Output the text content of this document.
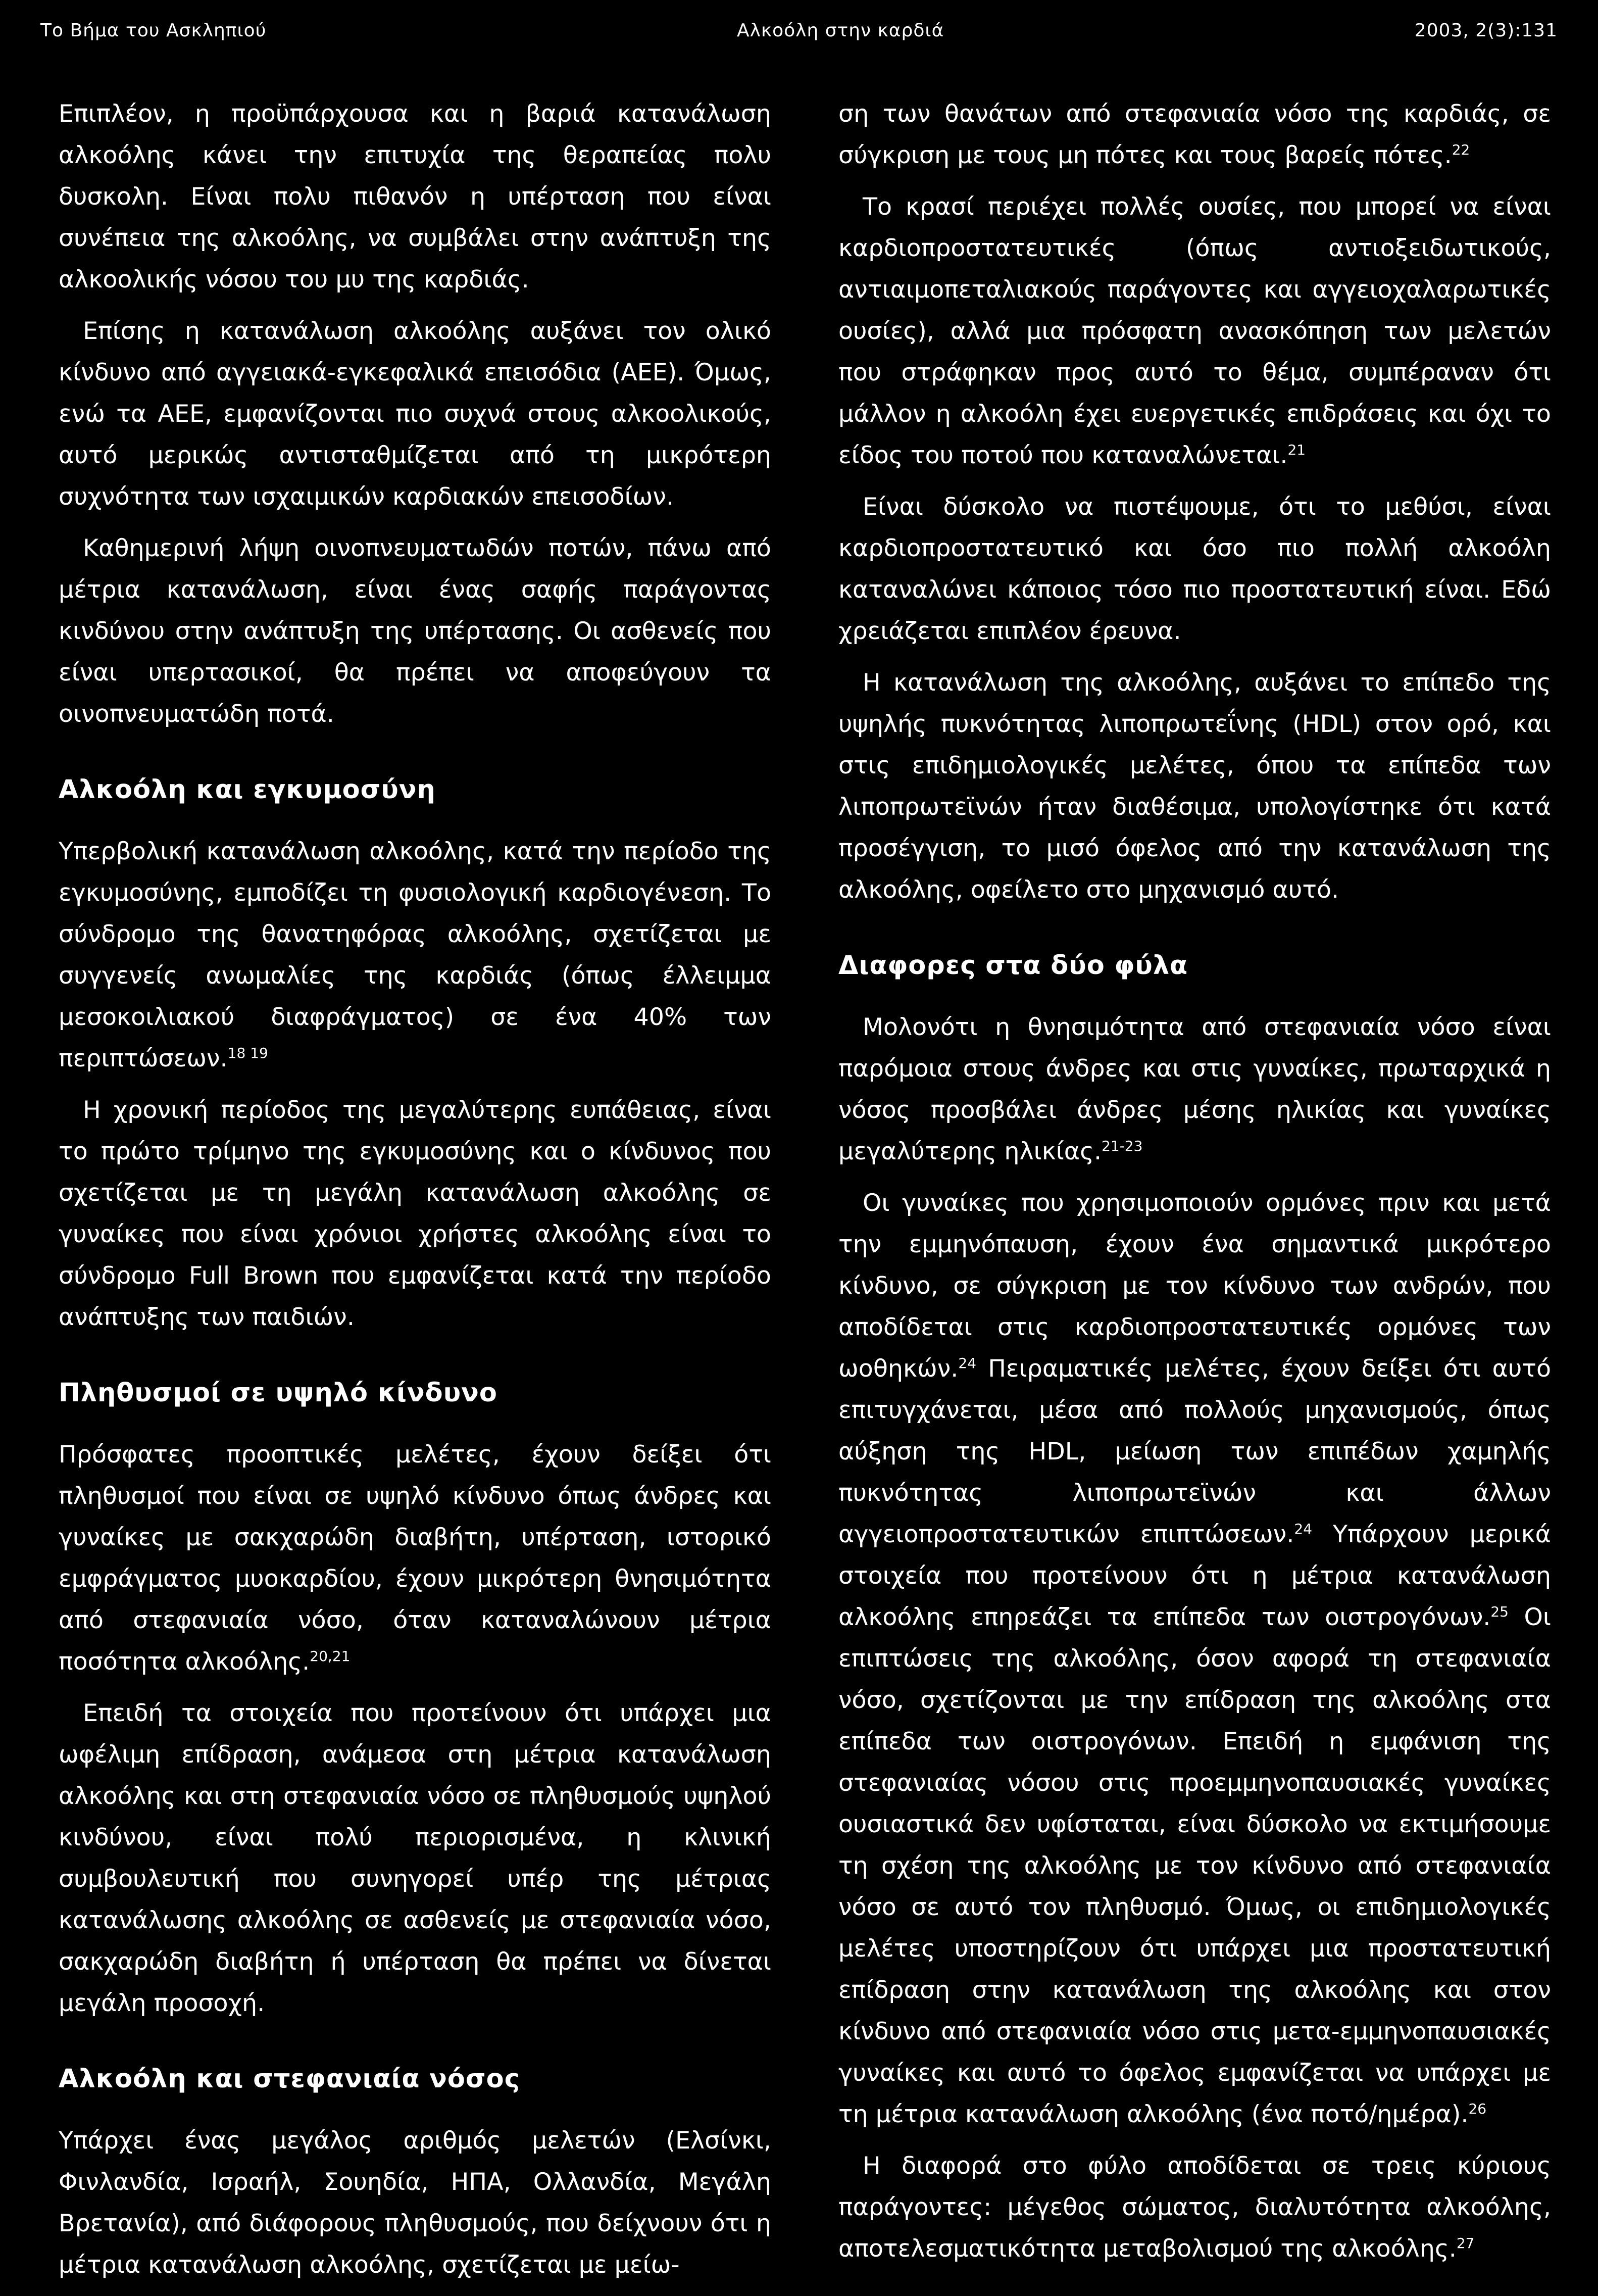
Το Βήμα του Ασκληπιού	Αλκοόλη στην καρδιά	2003, 2(3):131

Επιπλέον, η προϋπάρχουσα και η βαριά κατανάλωση αλκοόλης κάνει την επιτυχία της θεραπείας πολυ δυσκολη. Είναι πολυ πιθανόν η υπέρταση που είναι συνέπεια της αλκοόλης, να συμβάλει στην ανάπτυξη της αλκοολικής νόσου του μυ της καρδιάς.

Επίσης η κατανάλωση αλκοόλης αυξάνει τον ολικό κίνδυνο από αγγειακά-εγκεφαλικά επεισόδια (ΑΕΕ). Όμως, ενώ τα ΑΕΕ, εμφανίζονται πιο συχνά στους αλκοολικούς, αυτό μερικώς αντισταθμίζεται από τη μικρότερη συχνότητα των ισχαιμικών καρδιακών επεισοδίων.

Καθημερινή λήψη οινοπνευματωδών ποτών, πάνω από μέτρια κατανάλωση, είναι ένας σαφής παράγοντας κινδύνου στην ανάπτυξη της υπέρτασης. Οι ασθενείς που είναι υπερτασικοί, θα πρέπει να αποφεύγουν τα οινοπνευματώδη ποτά.

Αλκοόλη και εγκυμοσύνη

Υπερβολική κατανάλωση αλκοόλης, κατά την περίοδο της εγκυμοσύνης, εμποδίζει τη φυσιολογική καρδιογένεση. Το σύνδρομο της θανατηφόρας αλκοόλης, σχετίζεται με συγγενείς ανωμαλίες της καρδιάς (όπως έλλειμμα μεσοκοιλιακού διαφράγματος) σε ένα 40% των περιπτώσεων.$^{18 19}$

Η χρονική περίοδος της μεγαλύτερης ευπάθειας, είναι το πρώτο τρίμηνο της εγκυμοσύνης και ο κίνδυνος που σχετίζεται με τη μεγάλη κατανάλωση αλκοόλης σε γυναίκες που είναι χρόνιοι χρήστες αλκοόλης είναι το σύνδρομο Full Brown που εμφανίζεται κατά την περίοδο ανάπτυξης των παιδιών.

Πληθυσμοί σε υψηλό κίνδυνο

Πρόσφατες προοπτικές μελέτες, έχουν δείξει ότι πληθυσμοί που είναι σε υψηλό κίνδυνο όπως άνδρες και γυναίκες με σακχαρώδη διαβήτη, υπέρταση, ιστορικό εμφράγματος μυοκαρδίου, έχουν μικρότερη θνησιμότητα από στεφανιαία νόσο, όταν καταναλώνουν μέτρια ποσότητα αλκοόλης.$^{20,21}$

Επειδή τα στοιχεία που προτείνουν ότι υπάρχει μια ωφέλιμη επίδραση, ανάμεσα στη μέτρια κατανάλωση αλκοόλης και στη στεφανιαία νόσο σε πληθυσμούς υψηλού κινδύνου, είναι πολύ περιορισμένα, η κλινική συμβουλευτική που συνηγορεί υπέρ της μέτριας κατανάλωσης αλκοόλης σε ασθενείς με στεφανιαία νόσο, σακχαρώδη διαβήτη ή υπέρταση θα πρέπει να δίνεται μεγάλη προσοχή.

Αλκοόλη και στεφανιαία νόσος

Υπάρχει ένας μεγάλος αριθμός μελετών (Ελσίνκι, Φινλανδία, Ισραήλ, Σουηδία, ΗΠΑ, Ολλανδία, Μεγάλη Βρετανία), από διάφορους πληθυσμούς, που δείχνουν ότι η μέτρια κατανάλωση αλκοόλης, σχετίζεται με μείω-

ση των θανάτων από στεφανιαία νόσο της καρδιάς, σε σύγκριση με τους μη πότες και τους βαρείς πότες.$^{22}$

Το κρασί περιέχει πολλές ουσίες, που μπορεί να είναι καρδιοπροστατευτικές (όπως αντιοξειδωτικούς, αντιαιμοπεταλιακούς παράγοντες και αγγειοχαλαρωτικές ουσίες), αλλά μια πρόσφατη ανασκόπηση των μελετών που στράφηκαν προς αυτό το θέμα, συμπέραναν ότι μάλλον η αλκοόλη έχει ευεργετικές επιδράσεις και όχι το είδος του ποτού που καταναλώνεται.$^{21}$

Είναι δύσκολο να πιστέψουμε, ότι το μεθύσι, είναι καρδιοπροστατευτικό και όσο πιο πολλή αλκοόλη καταναλώνει κάποιος τόσο πιο προστατευτική είναι. Εδώ χρειάζεται επιπλέον έρευνα.

Η κατανάλωση της αλκοόλης, αυξάνει το επίπεδο της υψηλής πυκνότητας λιποπρωτεΐνης (HDL) στον ορό, και στις επιδημιολογικές μελέτες, όπου τα επίπεδα των λιποπρωτεϊνών ήταν διαθέσιμα, υπολογίστηκε ότι κατά προσέγγιση, το μισό όφελος από την κατανάλωση της αλκοόλης, οφείλετο στο μηχανισμό αυτό.

Διαφορες στα δύο φύλα

Μολονότι η θνησιμότητα από στεφανιαία νόσο είναι παρόμοια στους άνδρες και στις γυναίκες, πρωταρχικά η νόσος προσβάλει άνδρες μέσης ηλικίας και γυναίκες μεγαλύτερης ηλικίας.$^{21-23}$

Οι γυναίκες που χρησιμοποιούν ορμόνες πριν και μετά την εμμηνόπαυση, έχουν ένα σημαντικά μικρότερο κίνδυνο, σε σύγκριση με τον κίνδυνο των ανδρών, που αποδίδεται στις καρδιοπροστατευτικές ορμόνες των ωοθηκών.$^{24}$ Πειραματικές μελέτες, έχουν δείξει ότι αυτό επιτυγχάνεται, μέσα από πολλούς μηχανισμούς, όπως αύξηση της HDL, μείωση των επιπέδων χαμηλής πυκνότητας λιποπρωτεϊνών και άλλων αγγειοπροστατευτικών επιπτώσεων.$^{24}$ Υπάρχουν μερικά στοιχεία που προτείνουν ότι η μέτρια κατανάλωση αλκοόλης επηρεάζει τα επίπεδα των οιστρογόνων.$^{25}$ Οι επιπτώσεις της αλκοόλης, όσον αφορά τη στεφανιαία νόσο, σχετίζονται με την επίδραση της αλκοόλης στα επίπεδα των οιστρογόνων. Επειδή η εμφάνιση της στεφανιαίας νόσου στις προεμμηνοπαυσιακές γυναίκες ουσιαστικά δεν υφίσταται, είναι δύσκολο να εκτιμήσουμε τη σχέση της αλκοόλης με τον κίνδυνο από στεφανιαία νόσο σε αυτό τον πληθυσμό. Όμως, οι επιδημιολογικές μελέτες υποστηρίζουν ότι υπάρχει μια προστατευτική επίδραση στην κατανάλωση της αλκοόλης και στον κίνδυνο από στεφανιαία νόσο στις μετα-εμμηνοπαυσιακές γυναίκες και αυτό το όφελος εμφανίζεται να υπάρχει με τη μέτρια κατανάλωση αλκοόλης (ένα ποτό/ημέρα).$^{26}$

Η διαφορά στο φύλο αποδίδεται σε τρεις κύριους παράγοντες: μέγεθος σώματος, διαλυτότητα αλκοόλης, αποτελεσματικότητα μεταβολισμού της αλκοόλης.$^{27}$
